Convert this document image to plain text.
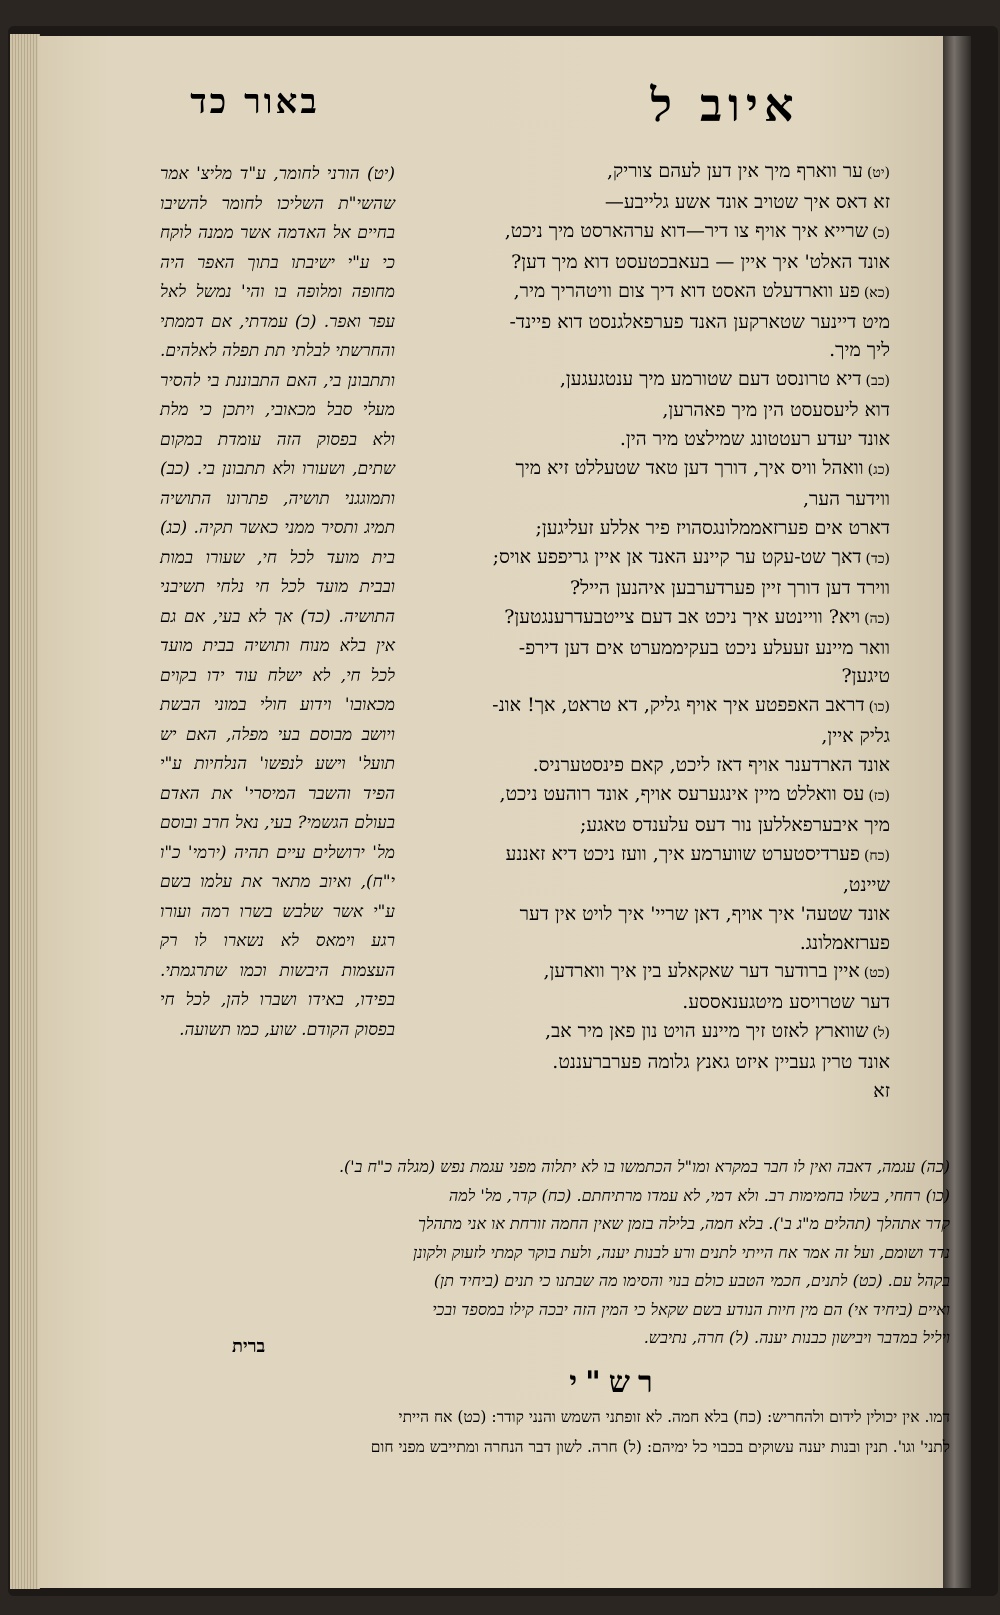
איוב ל
באור כד

(יט)ער ווארף מיך אין דען לעהם צוריק,

זא דאס איך שטויב אונד אשע גלייבע—

(כ)שרייא איך אויף צו דיר—דוא ערהארסט מיך ניכט,

אונד האלט' איך איין — בעאבכטעסט דוא מיך דען?

(כא)פע ווארדעלט האסט דוא דיך צום וויטהריך מיר,

מיט דיינער שטארקען האנד פערפאלגנסט דוא פיינד-

ליך מיך.

(כב)דיא טרונסט דעם שטורמע מיך ענטגעגען,

דוא ליעסעסט הין מיך פאהרען,

אונד יעדע רעטטונג שמילצט מיר הין.

(כג)וואהל וויס איך, דורך דען טאד שטעללט זיא מיך

ווידער הער,

דארט אים פערזאממלונגסהויז פיר אללע זעליגען;

(כד)דאך שט-עקט ער קיינע האנד אן איין גריפפע אויס;

ווירד דען דורך זיין פערדערבען איהנען הייל?

(כה)ויא? וויינטע איך ניכט אב דעם צייטבעדרענגטען?

וואר מיינע זעעלע ניכט בעקיממערט אים דען דירפ-

טיגען?

(כו)דראב האפפטע איך אויף גליק, דא טראט, אך! אונ-

גליק איין,

אונד הארדענר אויף דאז ליכט, קאם פינסטערניס.

(כז)עס וואללט מיין אינגערעס אויף, אונד רוהעט ניכט,

מיך איבערפאללען נור דעס עלענדס טאגע;

(כח)פערדיסטערט שווערמע איך, וועז ניכט דיא זאננע

שיינט,

אונד שטעה' איך אויף, דאן שריי' איך לויט אין דער

פערזאמלונג.

(כט)איין ברודער דער שאקאלע בין איך ווארדען,

דער שטרויסע מיטגענאססע.

(ל)שווארץ לאזט זיך מיינע הויט נון פאן מיר אב,

אונד טרין געביין איזט גאנץ גלומה פערברעננט.

זא

(יט) הורני לחומר, ע"ד מליצ' אמר שהשי"ת השליכו לחומר להשיבו בחיים אל האדמה אשר ממנה לוקח כי ע"י ישיבתו בתוך האפר היה מחופה ומלופה בו והי' נמשל לאל עפר ואפר. (כ) עמדתי, אם דממתי והחרשתי לבלתי תת תפלה לאלהים. ותתבונן בי, האם התבוננת בי להסיר מעלי סבל מכאובי, ויתכן כי מלת ולא בפסוק הזה עומדת במקום שתים, ושעורו ולא תתבונן בי. (כב) ותמוגגני תושיה, פתרונו התושיה תמיג ותסיר ממני כאשר תקיה. (כג) בית מועד לכל חי, שעורו במות ובבית מועד לכל חי נלחי תשיבני התושיה. (כד) אך לא בעי, אם גם אין בלא מנוח ותושיה בבית מועד לכל חי, לא ישלח עוד ידו בקוים מכאובו' וידוע חולי במוני הבשת ויושב מבוסם בעי מפלה, האם יש תועל' וישע לנפשו' הנלחיות ע"י הפיד והשבר המיסרי' את האדם בעולם הגשמי? בעי, נאל חרב ובוסם מל' ירושלים עיים תהיה (ירמי' כ"ו י"ח), ואיוב מתאר את עלמו בשם ע"י אשר שלבש בשרו רמה ועורו רגע וימאס לא נשארו לו רק העצמות היבשות וכמו שתרגמתי. בפידו, באידו ושברו להן, לכל חי בפסוק הקודם. שוע, כמו תשועה.
(כה) עגמה, דאבה ואין לו חבר במקרא ומו"ל הכתמשו בו לא יתלוה מפני עגמת נפש (מגלה כ"ח ב').
(כו) רחחי, בשלו בחמימות רב. ולא דמי, לא עמדו מרתיחתם. (כח) קדר, מל' למה
קדר אתהלך (תהלים מ"ג ב'). בלא חמה, בלילה בזמן שאין החמה זורחת או אני מתהלך
נדד ושומם, ועל זה אמר אח הייתי לתנים ורע לבנות יענה, ולעת בוקר קמתי לזעוק ולקונן
בקהל עם. (כט) לתנים, חכמי הטבע כולם בנוי והסימו מה שבתנו כי תנים (ביחיד תן)
ואיים (ביחיד אי) הם מין חיות הנודע בשם שקאל כי המין הזה יבכה קילו במספד ובכי
ויליל במדבר ויבישון כבנות יענה. (ל) חרה, נתיבש.
ברית
רש"י
דמו. אין יכולין לידום ולהחריש: (כח) בלא חמה. לא זופתני השמש והנני קודר: (כט) אח הייתי
לתני' וגו'. תנין ובנות יענה עשוקים בכבוי כל ימיהם: (ל) חרה. לשון דבר הנחרה ומתייבש מפני חום
